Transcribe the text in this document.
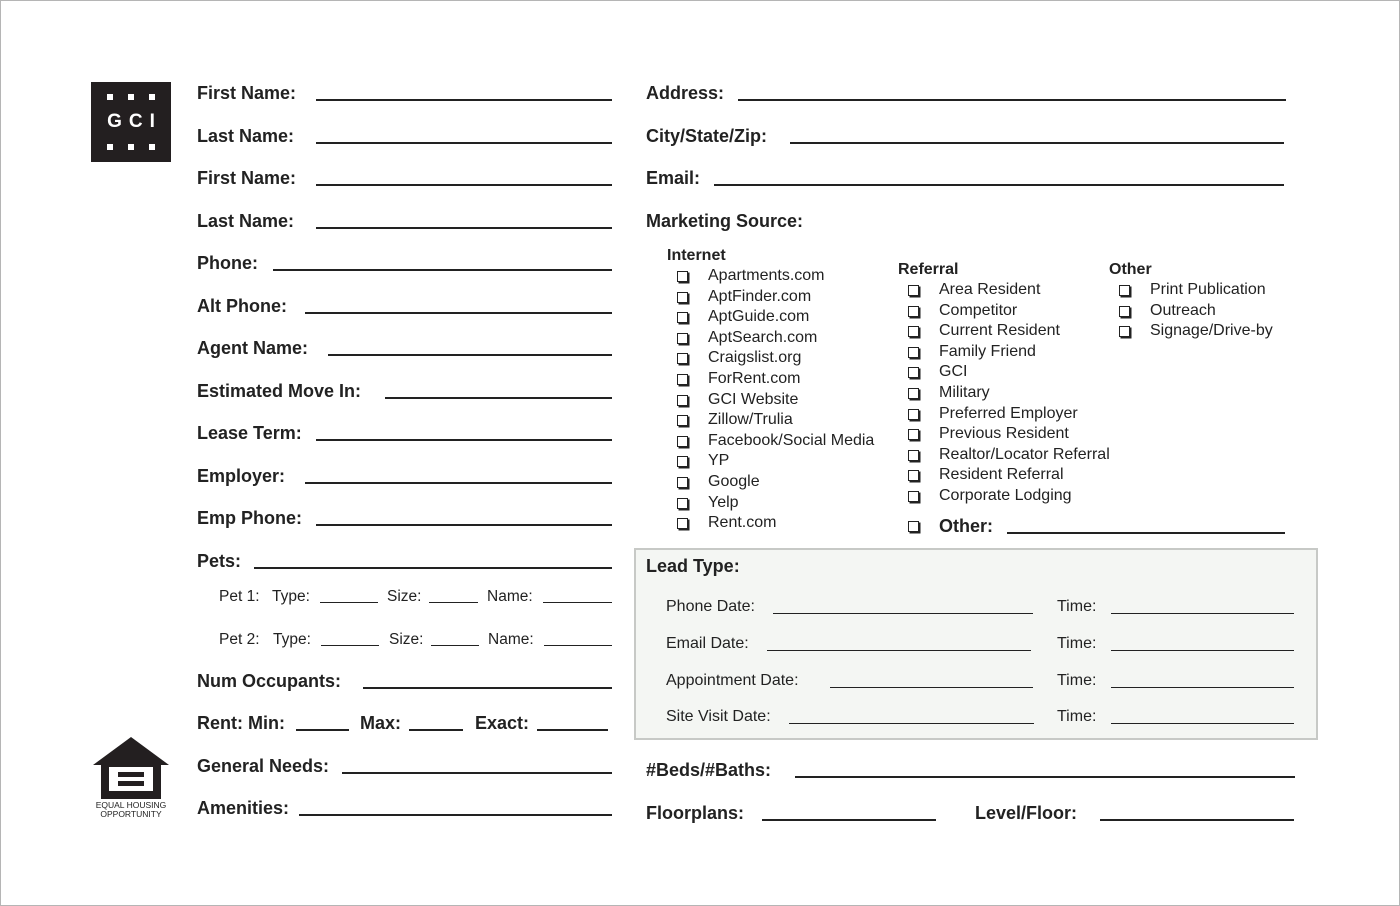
GCI
First Name:
Last Name:
First Name:
Last Name:
Phone:
Alt Phone:
Agent Name:
Estimated Move In:
Lease Term:
Employer:
Emp Phone:
Pets:
Pet 1: Type:	Size:	Name:
Pet 2: Type:	Size:	Name:
Num Occupants:
Rent: Min:	Max:	Exact:
General Needs:
Amenities:
EQUAL HOUSING
OPPORTUNITY
Address:
City/State/Zip:
Email:
Marketing Source:
Internet
Apartments.com
AptFinder.com
AptGuide.com
AptSearch.com
Craigslist.org
ForRent.com
GCI Website
Zillow/Trulia
Facebook/Social Media
YP
Google
Yelp
Rent.com
Referral
Area Resident
Competitor
Current Resident
Family Friend
GCI
Military
Preferred Employer
Previous Resident
Realtor/Locator Referral
Resident Referral
Corporate Lodging
Other
Print Publication
Outreach
Signage/Drive-by
Other:
Lead Type:
Phone Date:	Time:
Email Date:	Time:
Appointment Date:	Time:
Site Visit Date:	Time:
#Beds/#Baths:
Floorplans:	Level/Floor:
